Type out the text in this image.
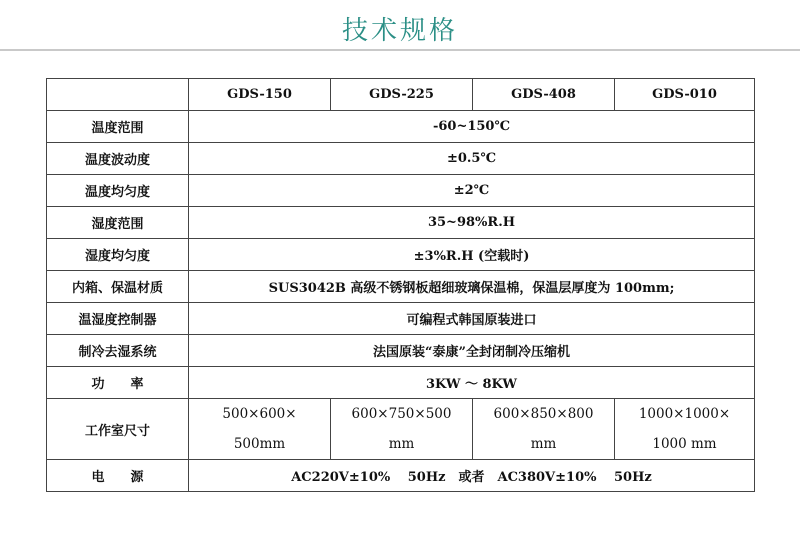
技术规格
	GDS-150	GDS-225	GDS-408	GDS-010
温度范围	-60~150℃			
温度波动度	±0.5℃			
温度均匀度	±2℃			
湿度范围	35~98%R.H			
湿度均匀度	±3%R.H (空载时)			
内箱、保温材质	SUS3042B 高级不锈钢板超细玻璃保温棉，保温层厚度为 100mm;			
温湿度控制器	可编程式韩国原装进口			
制冷去湿系统	法国原装“泰康”全封闭制冷压缩机			
功　　率	3KW ～ 8KW			
工作室尺寸	500×600×	600×750×500	600×850×800	1000×1000×
	500mm	mm	mm	1000 mm
电　　源	AC220V±10%　 50Hz　或者　AC380V±10%　 50Hz			
